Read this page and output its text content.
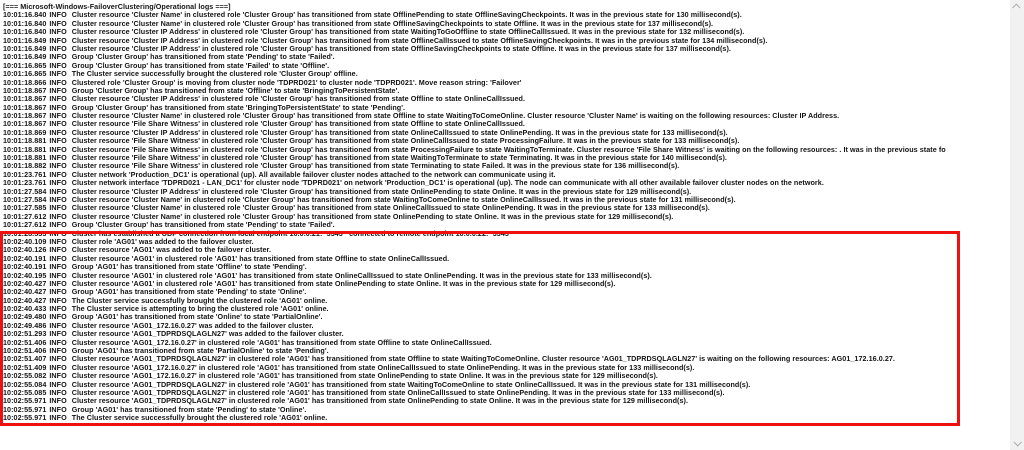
[=== Microsoft-Windows-FailoverClustering/Operational logs ===]
10:01:16.840 INFO Cluster resource 'Cluster Name' in clustered role 'Cluster Group' has transitioned from state OfflinePending to state OfflineSavingCheckpoints. It was in the previous state for 130 millisecond(s).
10:01:16.840 INFO Cluster resource 'Cluster Name' in clustered role 'Cluster Group' has transitioned from state OfflineSavingCheckpoints to state Offline. It was in the previous state for 137 millisecond(s).
10:01:16.840 INFO Cluster resource 'Cluster IP Address' in clustered role 'Cluster Group' has transitioned from state WaitingToGoOffline to state OfflineCallIssued. It was in the previous state for 132 millisecond(s).
10:01:16.849 INFO Cluster resource 'Cluster IP Address' in clustered role 'Cluster Group' has transitioned from state OfflineCallIssued to state OfflineSavingCheckpoints. It was in the previous state for 134 millisecond(s).
10:01:16.849 INFO Cluster resource 'Cluster IP Address' in clustered role 'Cluster Group' has transitioned from state OfflineSavingCheckpoints to state Offline. It was in the previous state for 137 millisecond(s).
10:01:16.849 INFO Group 'Cluster Group' has transitioned from state 'Pending' to state 'Failed'.
10:01:16.865 INFO Group 'Cluster Group' has transitioned from state 'Failed' to state 'Offline'.
10:01:16.865 INFO The Cluster service successfully brought the clustered role 'Cluster Group' offline.
10:01:18.866 INFO Clustered role 'Cluster Group' is moving from cluster node 'TDPRD021' to cluster node 'TDPRD021'. Move reason string: 'Failover'
10:01:18.867 INFO Group 'Cluster Group' has transitioned from state 'Offline' to state 'BringingToPersistentState'.
10:01:18.867 INFO Cluster resource 'Cluster IP Address' in clustered role 'Cluster Group' has transitioned from state Offline to state OnlineCallIssued.
10:01:18.867 INFO Group 'Cluster Group' has transitioned from state 'BringingToPersistentState' to state 'Pending'.
10:01:18.867 INFO Cluster resource 'Cluster Name' in clustered role 'Cluster Group' has transitioned from state Offline to state WaitingToComeOnline. Cluster resource 'Cluster Name' is waiting on the following resources: Cluster IP Address.
10:01:18.867 INFO Cluster resource 'File Share Witness' in clustered role 'Cluster Group' has transitioned from state Offline to state OnlineCallIssued.
10:01:18.869 INFO Cluster resource 'Cluster IP Address' in clustered role 'Cluster Group' has transitioned from state OnlineCallIssued to state OnlinePending. It was in the previous state for 133 millisecond(s).
10:01:18.881 INFO Cluster resource 'File Share Witness' in clustered role 'Cluster Group' has transitioned from state OnlineCallIssued to state ProcessingFailure. It was in the previous state for 133 millisecond(s).
10:01:18.881 INFO Cluster resource 'File Share Witness' in clustered role 'Cluster Group' has transitioned from state ProcessingFailure to state WaitingToTerminate. Cluster resource 'File Share Witness' is waiting on the following resources: . It was in the previous state fo
10:01:18.881 INFO Cluster resource 'File Share Witness' in clustered role 'Cluster Group' has transitioned from state WaitingToTerminate to state Terminating. It was in the previous state for 140 millisecond(s).
10:01:18.882 INFO Cluster resource 'File Share Witness' in clustered role 'Cluster Group' has transitioned from state Terminating to state Failed. It was in the previous state for 136 millisecond(s).
10:01:23.761 INFO Cluster network 'Production_DC1' is operational (up). All available failover cluster nodes attached to the network can communicate using it.
10:01:23.761 INFO Cluster network interface 'TDPRD021 - LAN_DC1' for cluster node 'TDPRD021' on network 'Production_DC1' is operational (up). The node can communicate with all other available failover cluster nodes on the network.
10:01:27.584 INFO Cluster resource 'Cluster IP Address' in clustered role 'Cluster Group' has transitioned from state OnlinePending to state Online. It was in the previous state for 129 millisecond(s).
10:01:27.584 INFO Cluster resource 'Cluster Name' in clustered role 'Cluster Group' has transitioned from state WaitingToComeOnline to state OnlineCallIssued. It was in the previous state for 131 millisecond(s).
10:01:27.585 INFO Cluster resource 'Cluster Name' in clustered role 'Cluster Group' has transitioned from state OnlineCallIssued to state OnlinePending. It was in the previous state for 133 millisecond(s).
10:01:27.612 INFO Cluster resource 'Cluster Name' in clustered role 'Cluster Group' has transitioned from state OnlinePending to state Online. It was in the previous state for 129 millisecond(s).
10:01:27.612 INFO Group 'Cluster Group' has transitioned from state 'Pending' to state 'Failed'.
10:01:28.533 INFO Cluster has established a UDP connection from local endpoint 10.0.0.21:~3343~ connected to remote endpoint 10.0.0.22:~3343~
10:02:40.109 INFO Cluster role 'AG01' was added to the failover cluster.
10:02:40.126 INFO Cluster resource 'AG01' was added to the failover cluster.
10:02:40.191 INFO Cluster resource 'AG01' in clustered role 'AG01' has transitioned from state Offline to state OnlineCallIssued.
10:02:40.191 INFO Group 'AG01' has transitioned from state 'Offline' to state 'Pending'.
10:02:40.195 INFO Cluster resource 'AG01' in clustered role 'AG01' has transitioned from state OnlineCallIssued to state OnlinePending. It was in the previous state for 133 millisecond(s).
10:02:40.427 INFO Cluster resource 'AG01' in clustered role 'AG01' has transitioned from state OnlinePending to state Online. It was in the previous state for 129 millisecond(s).
10:02:40.427 INFO Group 'AG01' has transitioned from state 'Pending' to state 'Online'.
10:02:40.427 INFO The Cluster service successfully brought the clustered role 'AG01' online.
10:02:40.433 INFO The Cluster service is attempting to bring the clustered role 'AG01' online.
10:02:49.480 INFO Group 'AG01' has transitioned from state 'Online' to state 'PartialOnline'.
10:02:49.486 INFO Cluster resource 'AG01_172.16.0.27' was added to the failover cluster.
10:02:51.293 INFO Cluster resource 'AG01_TDPRDSQLAGLN27' was added to the failover cluster.
10:02:51.406 INFO Cluster resource 'AG01_172.16.0.27' in clustered role 'AG01' has transitioned from state Offline to state OnlineCallIssued.
10:02:51.406 INFO Group 'AG01' has transitioned from state 'PartialOnline' to state 'Pending'.
10:02:51.407 INFO Cluster resource 'AG01_TDPRDSQLAGLN27' in clustered role 'AG01' has transitioned from state Offline to state WaitingToComeOnline. Cluster resource 'AG01_TDPRDSQLAGLN27' is waiting on the following resources: AG01_172.16.0.27.
10:02:51.409 INFO Cluster resource 'AG01_172.16.0.27' in clustered role 'AG01' has transitioned from state OnlineCallIssued to state OnlinePending. It was in the previous state for 133 millisecond(s).
10:02:55.082 INFO Cluster resource 'AG01_172.16.0.27' in clustered role 'AG01' has transitioned from state OnlinePending to state Online. It was in the previous state for 129 millisecond(s).
10:02:55.084 INFO Cluster resource 'AG01_TDPRDSQLAGLN27' in clustered role 'AG01' has transitioned from state WaitingToComeOnline to state OnlineCallIssued. It was in the previous state for 131 millisecond(s).
10:02:55.085 INFO Cluster resource 'AG01_TDPRDSQLAGLN27' in clustered role 'AG01' has transitioned from state OnlineCallIssued to state OnlinePending. It was in the previous state for 133 millisecond(s).
10:02:55.971 INFO Cluster resource 'AG01_TDPRDSQLAGLN27' in clustered role 'AG01' has transitioned from state OnlinePending to state Online. It was in the previous state for 129 millisecond(s).
10:02:55.971 INFO Group 'AG01' has transitioned from state 'Pending' to state 'Online'.
10:02:55.971 INFO The Cluster service successfully brought the clustered role 'AG01' online.
